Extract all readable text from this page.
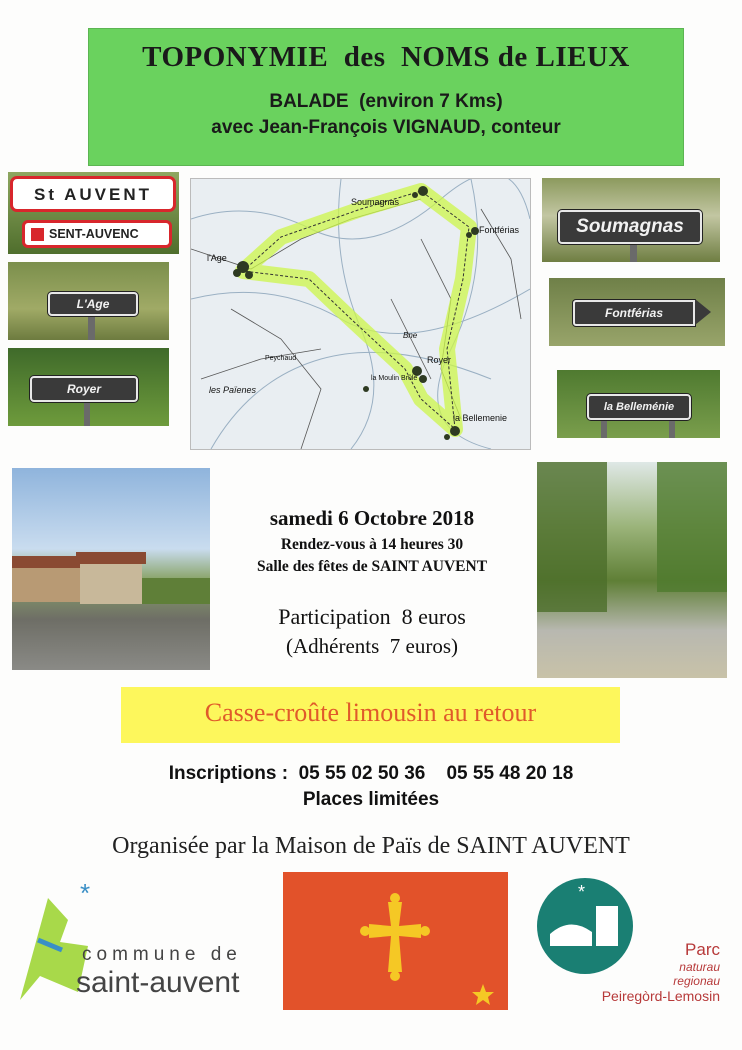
TOPONYMIE  des  NOMS de LIEUX
BALADE  (environ 7 Kms)
avec Jean-François VIGNAUD, conteur
St AUVENT
SENT-AUVENC
L'Age
Royer
Soumagnas
Fontférias
l'Age
Royer
la Bellemenie
la Moulin Brûlé
les Païenes
Peychaud
Bne
Soumagnas
Fontférias
la Belleménie
samedi 6 Octobre 2018
Rendez-vous à 14 heures 30
Salle des fêtes de SAINT AUVENT
Participation  8 euros
(Adhérents  7 euros)
Casse-croûte limousin au retour
Inscriptions :  05 55 02 50 36    05 55 48 20 18
Places limitées
Organisée par la Maison de Païs de SAINT AUVENT
*
commune de
saint-auvent
*
Parc
naturau
regionau
Peiregòrd-Lemosin
